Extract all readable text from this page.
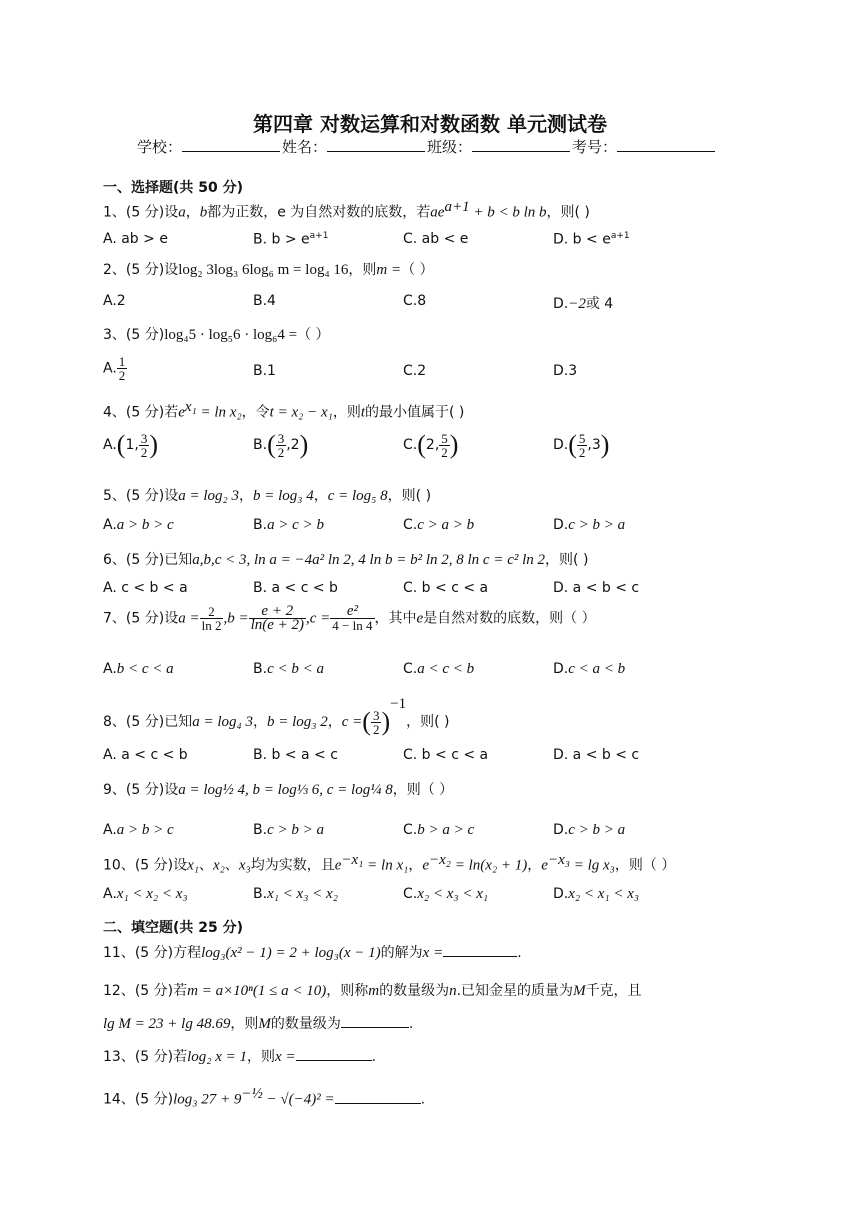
第四章 对数运算和对数函数 单元测试卷
学校：	姓名：	班级：	考号：
一、选择题(共 50 分)
1、(5 分)设a，b都为正数，e 为自然对数的底数，若$ae^{a+1} + b < b$ ln b，则( )
A. ab > e	B. $b > e^{a+1}$	C. ab < e	D. $b < e^{a+1}$
2、(5 分)设log₂ 3log₃ 6log₆ m = log₄ 16，则m =（ ）
A.2	B.4	C.8	D.−2或 4
3、(5 分)log₄5 · log₅6 · log₆4 =（ ）
A. $\frac{1}{2}$	B.1	C.2	D.3
4、(5 分)若$e^{x_1} = \ln x_2$，令t = x₂ − x₁，则t的最小值属于( )
A.(1, $\frac{3}{2}$ )	$B.( \frac{3}{2} ,2)$	C.(2, $\frac{5}{2}$ )	$D.( \frac{5}{2} ,3)$
5、(5 分)设a = log₂ 3，b = log₃ 4，c = log₅ 8，则( )
A.a > b > c	B.a > c > b	C.c > a > b	D.c > b > a
6、(5 分)已知a,b,c < 3, ln a = −4a² ln 2, 4 ln b = b² ln 2, 8 ln c = c² ln 2，则( )
A. c < b < a	B. a < c < b	C. b < c < a	D. a < b < c
7、(5 分)设$a = \frac{2}{\ln 2} ,b = \frac{e + 2}{\ln(e + 2)} ,c = \frac{\text{e²}}{4 - \ln 4}$ ，其中e是自然对数的底数，则（ ）
A.b < c < a	B.c < b < a	C.a < c < b	D.c < a < b
8、(5 分)已知a = log₄ 3，b = log₃ 2，c =( $\frac{3}{2} )^{-1}$，则( )
A. a < c < b	B. b < a < c	C. b < c < a	D. a < b < c
9、(5 分)设a = log½ 4, b = log⅓ 6, c = log¼ 8，则（ ）
A.a > b > c	B.c > b > a	C.b > a > c	D.c > b > a
10、(5 分)设x₁、x₂、x₃均为实数，且$e^{-x_1} = \ln x_1$，$e^{-x_2} = \ln(x_2 + 1)$，$e^{-x_3} = \lg x_3$，则（ ）
A.x₁ < x₂ < x₃	B.x₁ < x₃ < x₂	C.x₂ < x₃ < x₁	D.x₂ < x₁ < x₃
二、填空题(共 25 分)
11、(5 分)方程log₃(x² − 1) = 2 + log₃(x − 1)的解为x =	.
12、(5 分)若m = a×10ⁿ(1 ≤ a < 10)，则称m的数量级为n.已知金星的质量为M千克，且
lg M = 23 + lg 48.69，则M的数量级为	.
13、(5 分)若log₂ x = 1，则x =	.
14、(5 分)log₃ $27 + 9^{-\frac{1}{2}} - √(-4)^2$ =	.
